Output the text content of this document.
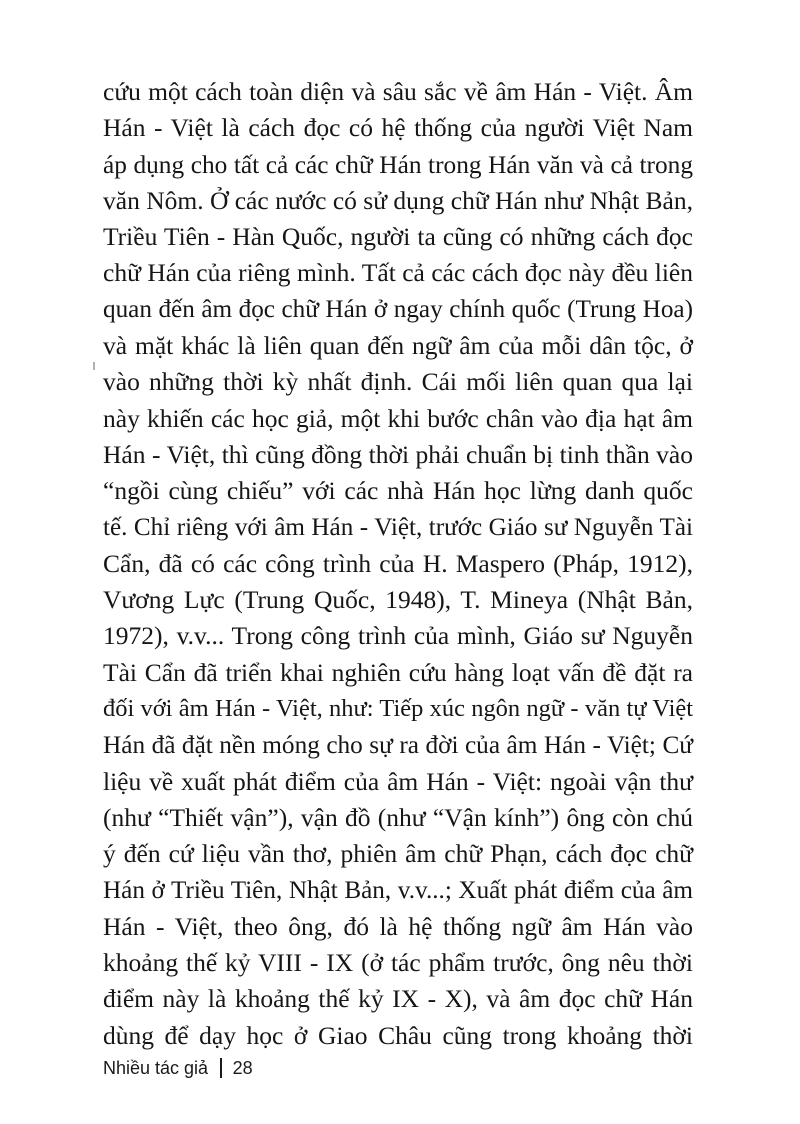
cứu một cách toàn diện và sâu sắc về âm Hán - Việt. Âm
Hán - Việt là cách đọc có hệ thống của người Việt Nam
áp dụng cho tất cả các chữ Hán trong Hán văn và cả trong
văn Nôm. Ở các nước có sử dụng chữ Hán như Nhật Bản,
Triều Tiên - Hàn Quốc, người ta cũng có những cách đọc
chữ Hán của riêng mình. Tất cả các cách đọc này đều liên
quan đến âm đọc chữ Hán ở ngay chính quốc (Trung Hoa)
và mặt khác là liên quan đến ngữ âm của mỗi dân tộc, ở
vào những thời kỳ nhất định. Cái mối liên quan qua lại
này khiến các học giả, một khi bước chân vào địa hạt âm
Hán - Việt, thì cũng đồng thời phải chuẩn bị tinh thần vào
“ngồi cùng chiếu” với các nhà Hán học lừng danh quốc
tế. Chỉ riêng với âm Hán - Việt, trước Giáo sư Nguyễn Tài
Cẩn, đã có các công trình của H. Maspero (Pháp, 1912),
Vương Lực (Trung Quốc, 1948), T. Mineya (Nhật Bản,
1972), v.v... Trong công trình của mình, Giáo sư Nguyễn
Tài Cẩn đã triển khai nghiên cứu hàng loạt vấn đề đặt ra
đối với âm Hán - Việt, như: Tiếp xúc ngôn ngữ - văn tự Việt
Hán đã đặt nền móng cho sự ra đời của âm Hán - Việt; Cứ
liệu về xuất phát điểm của âm Hán - Việt: ngoài vận thư
(như “Thiết vận”), vận đồ (như “Vận kính”) ông còn chú
ý đến cứ liệu vần thơ, phiên âm chữ Phạn, cách đọc chữ
Hán ở Triều Tiên, Nhật Bản, v.v...; Xuất phát điểm của âm
Hán - Việt, theo ông, đó là hệ thống ngữ âm Hán vào
khoảng thế kỷ VIII - IX (ở tác phẩm trước, ông nêu thời
điểm này là khoảng thế kỷ IX - X), và âm đọc chữ Hán
dùng để dạy học ở Giao Châu cũng trong khoảng thời
Nhiều tác giả 28
